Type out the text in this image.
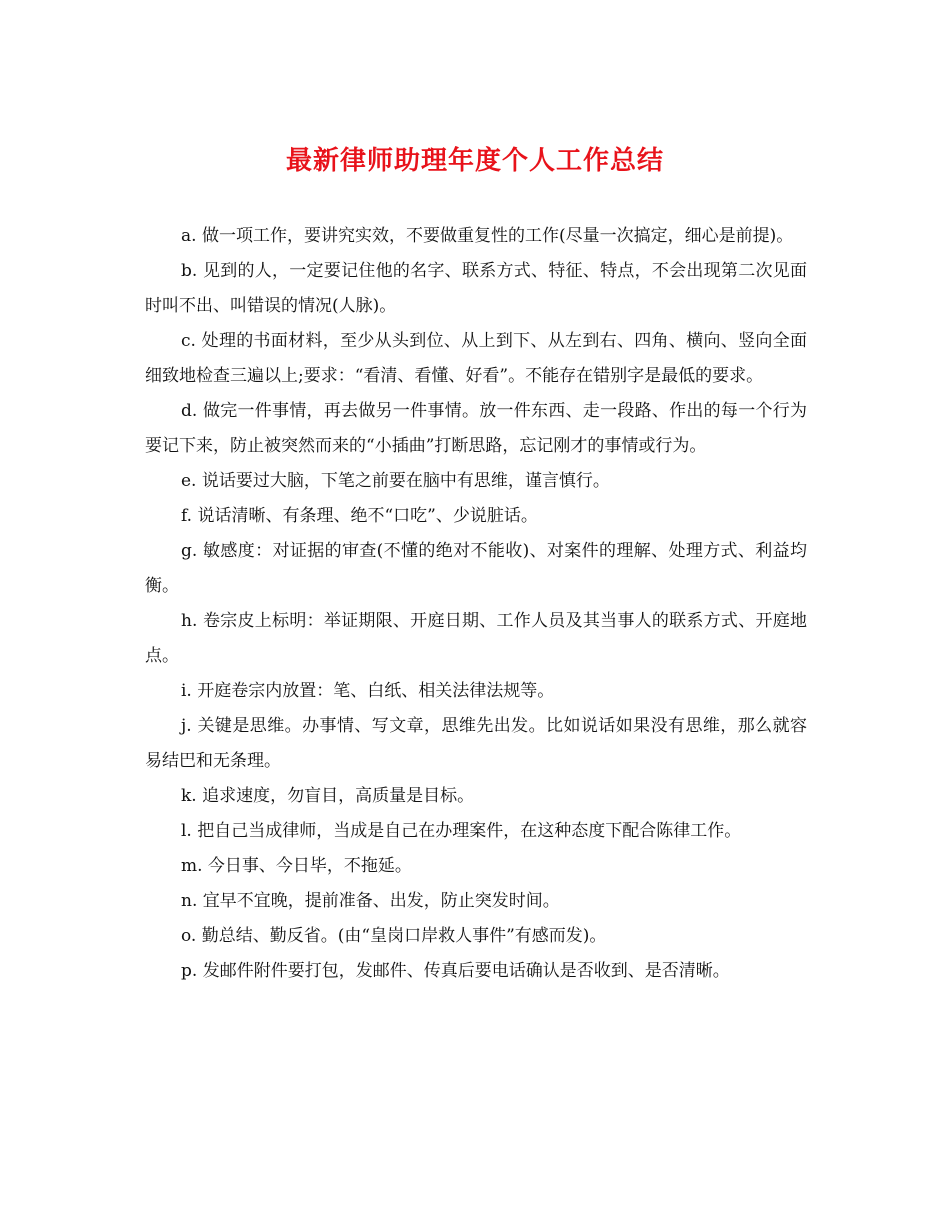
最新律师助理年度个人工作总结

a. 做一项工作，要讲究实效，不要做重复性的工作(尽量一次搞定，细心是前提)。

b. 见到的人，一定要记住他的名字、联系方式、特征、特点，不会出现第二次见面时叫不出、叫错误的情况(人脉)。

c. 处理的书面材料，至少从头到位、从上到下、从左到右、四角、横向、竖向全面细致地检查三遍以上;要求：“看清、看懂、好看”。不能存在错别字是最低的要求。

d. 做完一件事情，再去做另一件事情。放一件东西、走一段路、作出的每一个行为要记下来，防止被突然而来的“小插曲”打断思路，忘记刚才的事情或行为。

e. 说话要过大脑，下笔之前要在脑中有思维，谨言慎行。

f. 说话清晰、有条理、绝不“口吃”、少说脏话。

g. 敏感度：对证据的审查(不懂的绝对不能收)、对案件的理解、处理方式、利益均衡。

h. 卷宗皮上标明：举证期限、开庭日期、工作人员及其当事人的联系方式、开庭地点。

i. 开庭卷宗内放置：笔、白纸、相关法律法规等。

j. 关键是思维。办事情、写文章，思维先出发。比如说话如果没有思维，那么就容易结巴和无条理。

k. 追求速度，勿盲目，高质量是目标。

l. 把自己当成律师，当成是自己在办理案件，在这种态度下配合陈律工作。

m. 今日事、今日毕，不拖延。

n. 宜早不宜晚，提前准备、出发，防止突发时间。

o. 勤总结、勤反省。(由“皇岗口岸救人事件”有感而发)。

p. 发邮件附件要打包，发邮件、传真后要电话确认是否收到、是否清晰。
